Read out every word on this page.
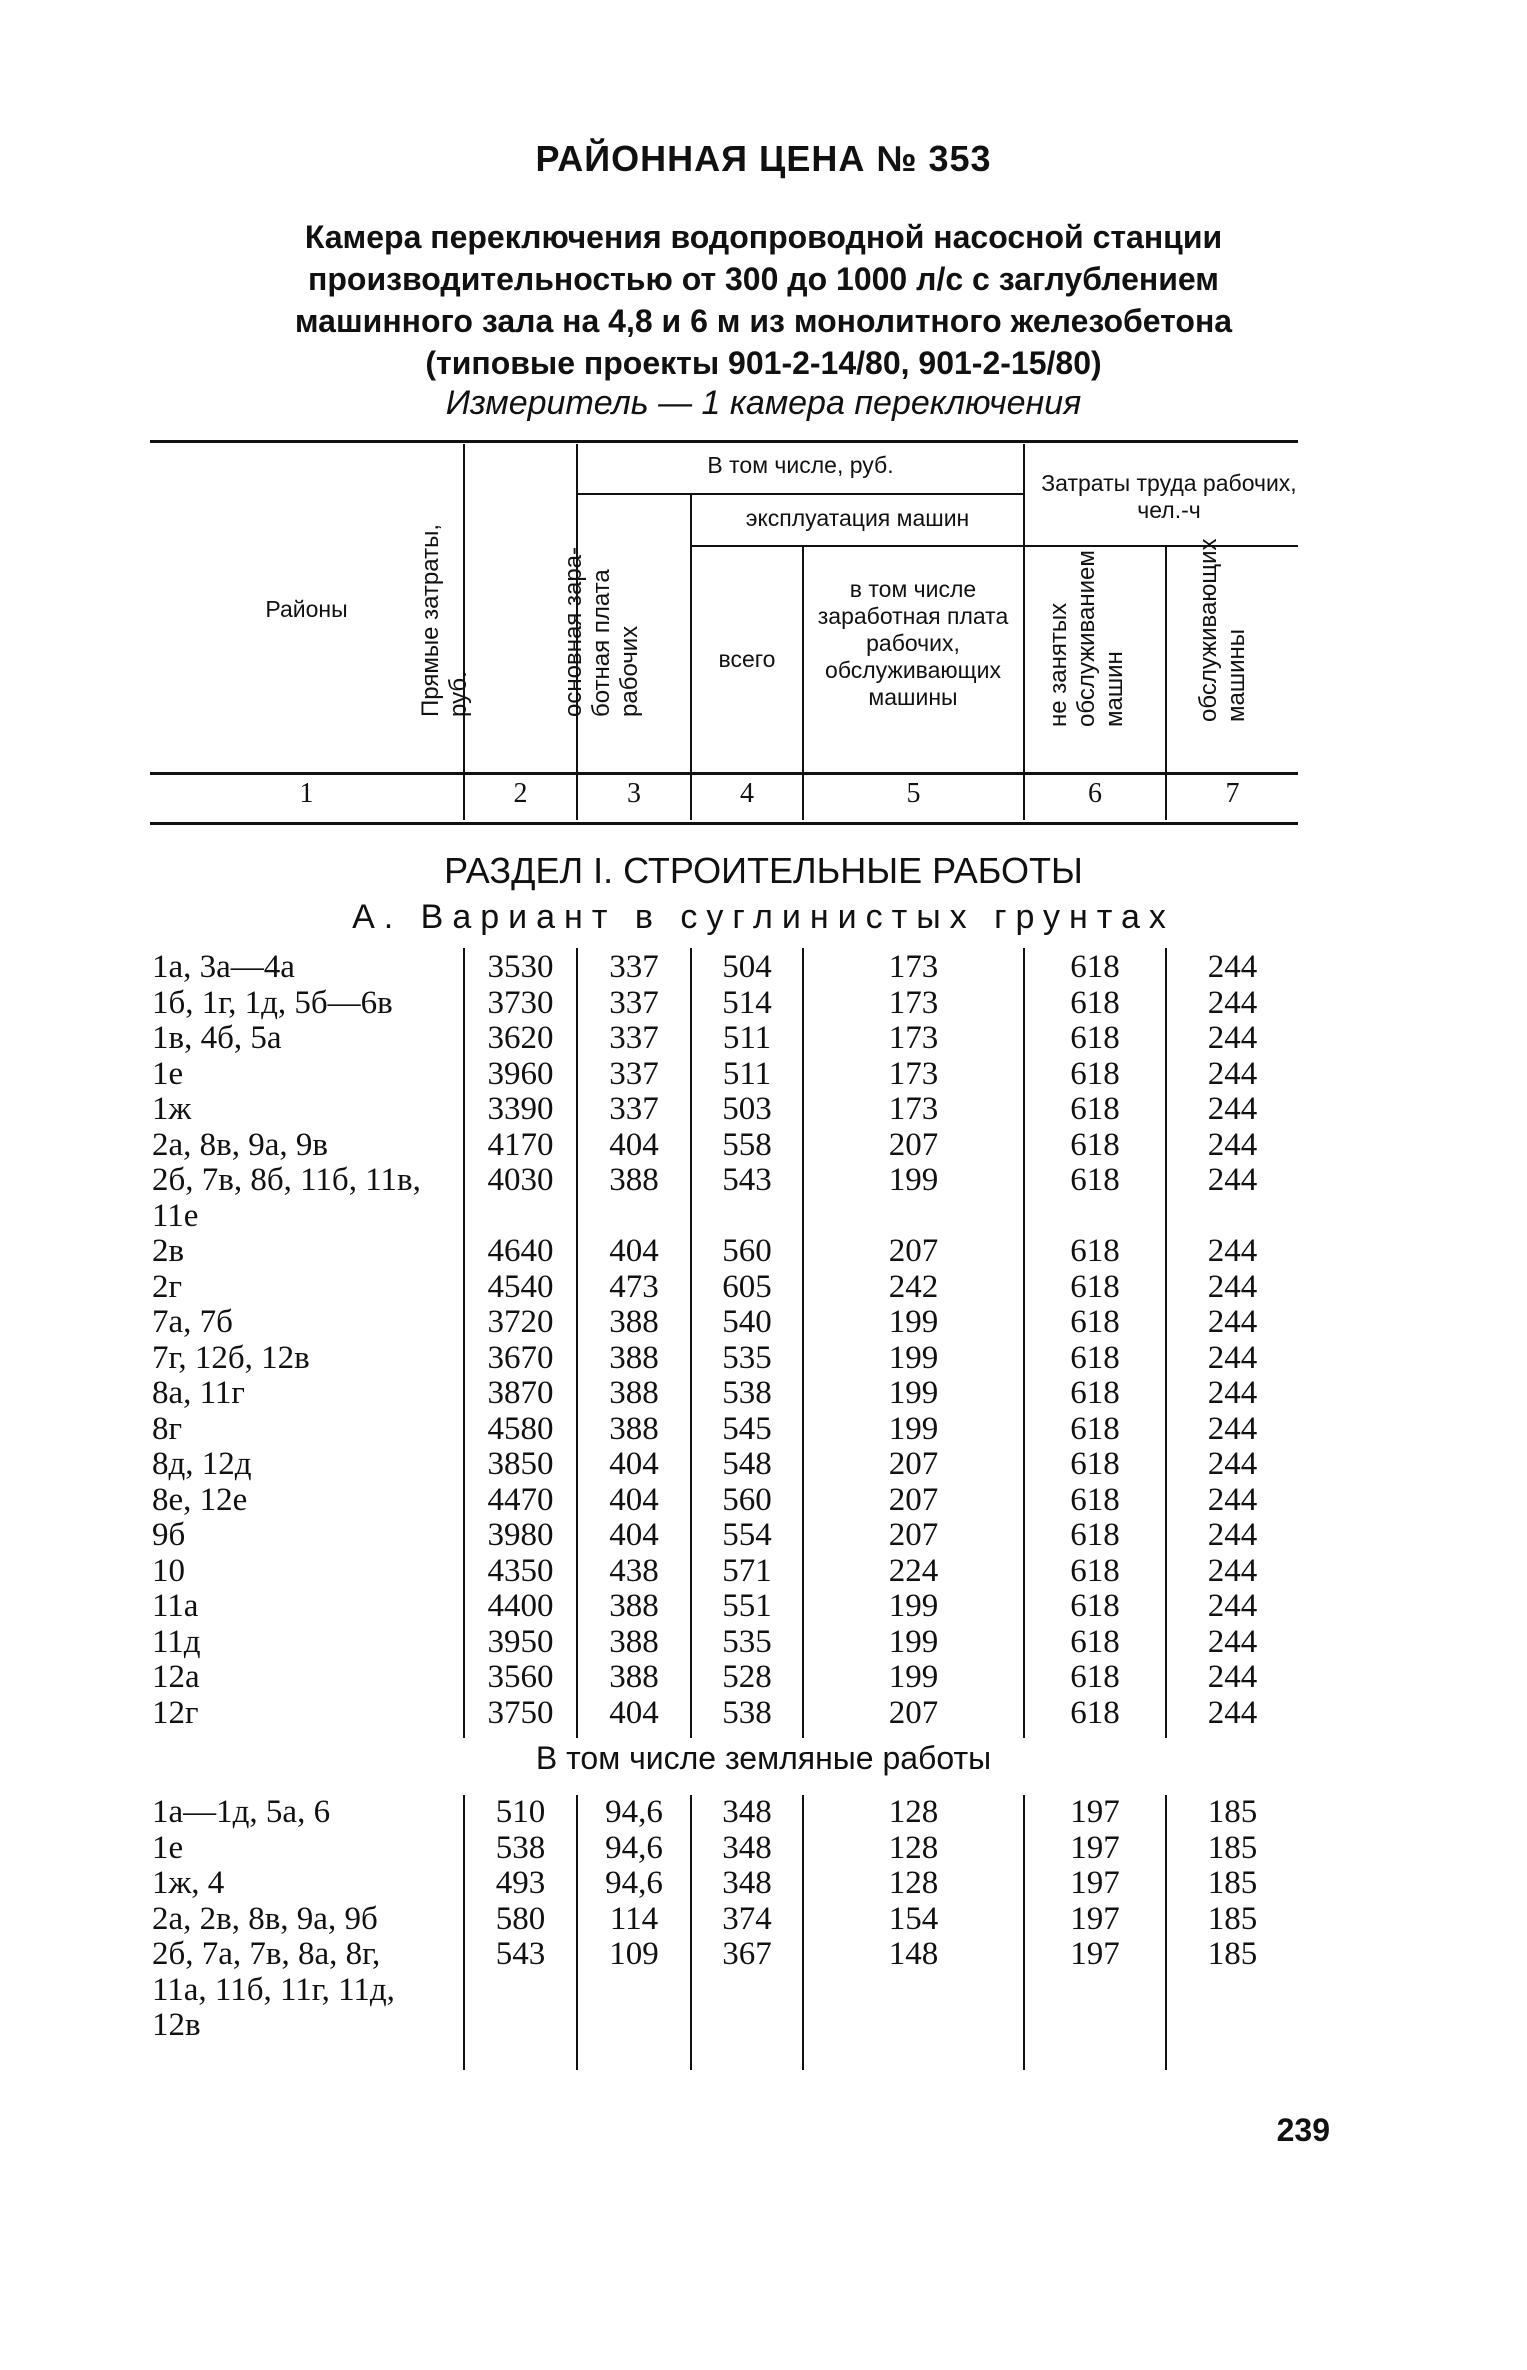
РАЙОННАЯ ЦЕНА № 353
Камера переключения водопроводной насосной станции
производительностью от 300 до 1000 л/с с заглублением
машинного зала на 4,8 и 6 м из монолитного железобетона
(типовые проекты 901-2-14/80, 901-2-15/80)
Измеритель — 1 камера переключения
Районы
В том числе, руб.
эксплуатация машин
всего
в том числе заработная плата рабочих, обслуживающих машины
Затраты труда рабочих, чел.-ч
Прямые затраты, руб.	основная зара-ботная плата рабочих	не занятых обслуживанием машин	обслуживающих машины
1	2	3	4	5	6	7
РАЗДЕЛ I. СТРОИТЕЛЬНЫЕ РАБОТЫ
А. Вариант в суглинистых грунтах
1а, 3а—4а	3530	337	504	173	618	244
1б, 1г, 1д, 5б—6в	3730	337	514	173	618	244
1в, 4б, 5а	3620	337	511	173	618	244
1е	3960	337	511	173	618	244
1ж	3390	337	503	173	618	244
2а, 8в, 9а, 9в	4170	404	558	207	618	244
2б, 7в, 8б, 11б, 11в,	4030	388	543	199	618	244
11е
2в	4640	404	560	207	618	244
2г	4540	473	605	242	618	244
7а, 7б	3720	388	540	199	618	244
7г, 12б, 12в	3670	388	535	199	618	244
8а, 11г	3870	388	538	199	618	244
8г	4580	388	545	199	618	244
8д, 12д	3850	404	548	207	618	244
8е, 12е	4470	404	560	207	618	244
9б	3980	404	554	207	618	244
10	4350	438	571	224	618	244
11а	4400	388	551	199	618	244
11д	3950	388	535	199	618	244
12а	3560	388	528	199	618	244
12г	3750	404	538	207	618	244
В том числе земляные работы
1а—1д, 5а, 6	510	94,6	348	128	197	185
1е	538	94,6	348	128	197	185
1ж, 4	493	94,6	348	128	197	185
2а, 2в, 8в, 9а, 9б	580	114	374	154	197	185
2б, 7а, 7в, 8а, 8г,	543	109	367	148	197	185
11а, 11б, 11г, 11д,
12в
239
